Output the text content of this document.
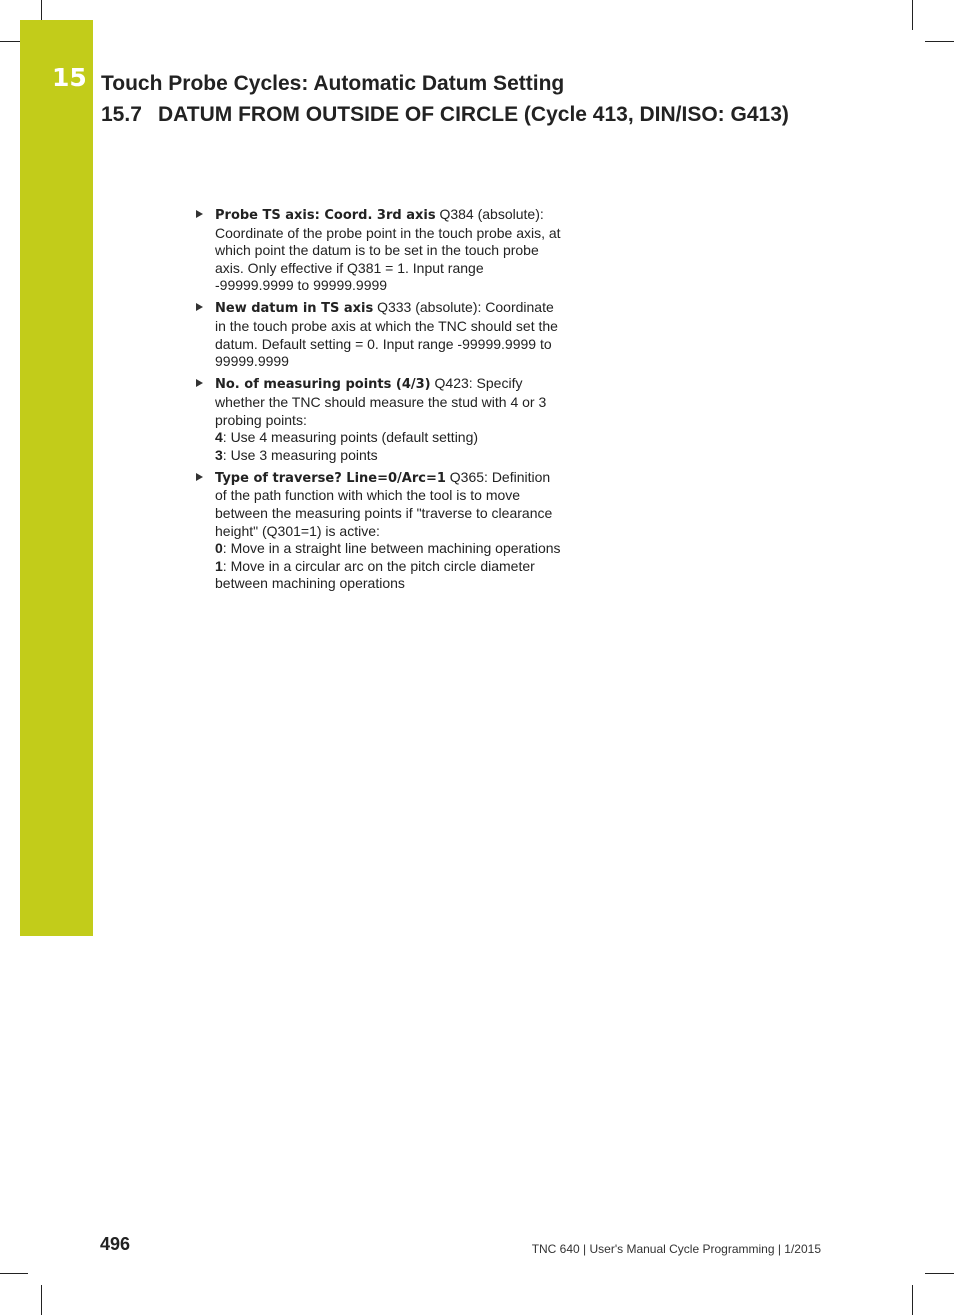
15 Touch Probe Cycles: Automatic Datum Setting
15.7 DATUM FROM OUTSIDE OF CIRCLE (Cycle 413, DIN/ISO: G413)
Probe TS axis: Coord. 3rd axis Q384 (absolute): Coordinate of the probe point in the touch probe axis, at which point the datum is to be set in the touch probe axis. Only effective if Q381 = 1. Input range -99999.9999 to 99999.9999
New datum in TS axis Q333 (absolute): Coordinate in the touch probe axis at which the TNC should set the datum. Default setting = 0. Input range -99999.9999 to 99999.9999
No. of measuring points (4/3) Q423: Specify whether the TNC should measure the stud with 4 or 3 probing points:
4: Use 4 measuring points (default setting)
3: Use 3 measuring points
Type of traverse? Line=0/Arc=1 Q365: Definition of the path function with which the tool is to move between the measuring points if "traverse to clearance height" (Q301=1) is active:
0: Move in a straight line between machining operations
1: Move in a circular arc on the pitch circle diameter between machining operations
496	TNC 640 | User's Manual Cycle Programming | 1/2015
